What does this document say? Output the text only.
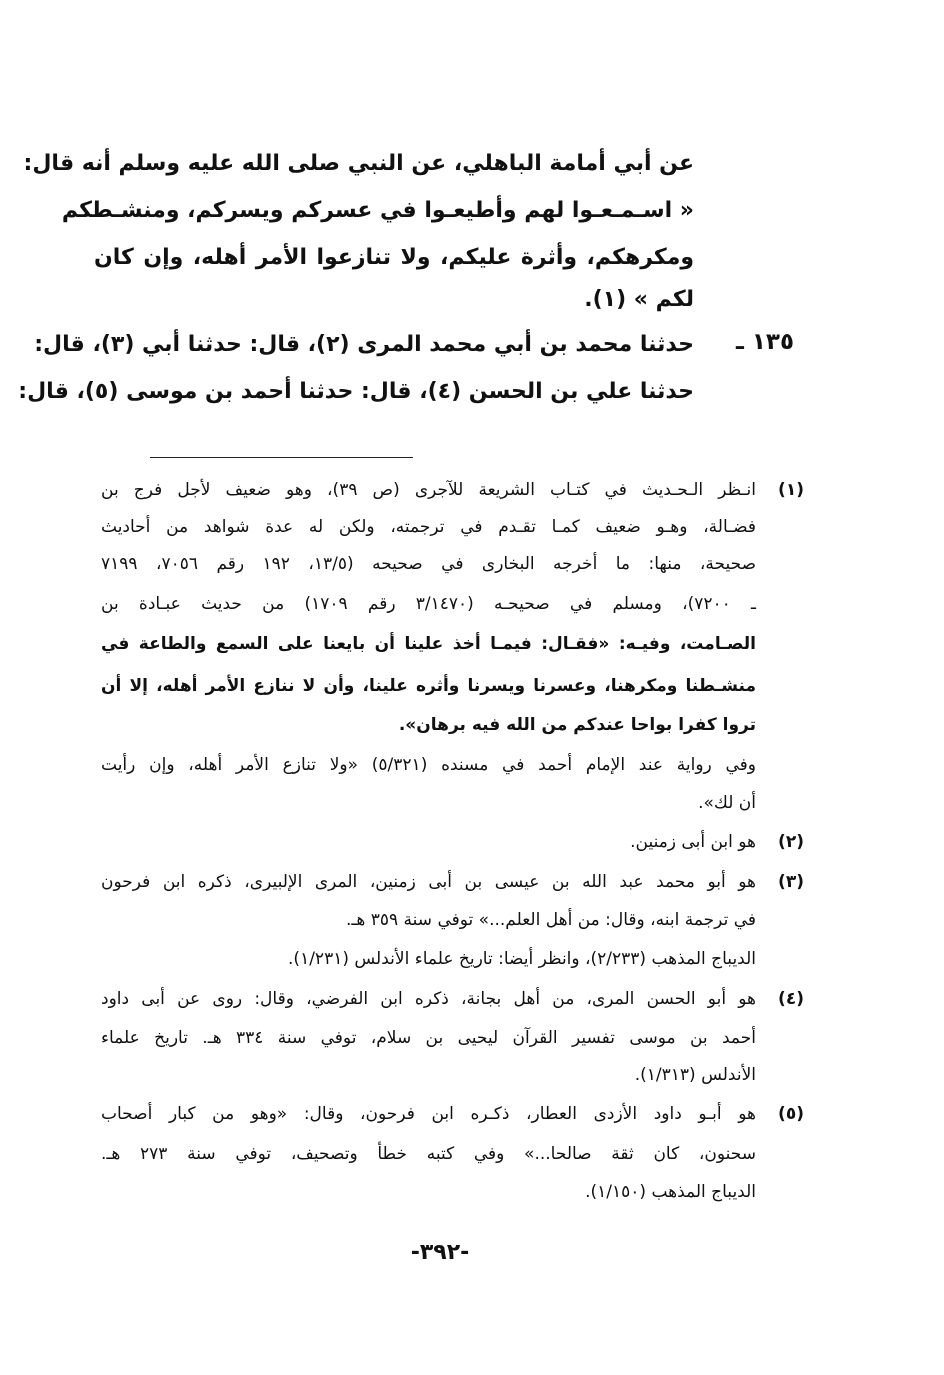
عن أبي أمامة الباهلي، عن النبي صلى الله عليه وسلم أنه قال:
« اسـمـعـوا لهم وأطيعـوا في عسركم ويسركم، ومنشـطكم
ومكرهكم، وأثرة عليكم، ولا تنازعوا الأمر أهله، وإن كان
لكم » (١).
١٣٥ ـ
حدثنا محمد بن أبي محمد المرى (٢)، قال: حدثنا أبي (٣)، قال:
حدثنا علي بن الحسن (٤)، قال: حدثنا أحمد بن موسى (٥)، قال:
(١)
انـظر الـحـديث في كتـاب الشريعة للآجرى (ص ٣٩)، وهو ضعيف لأجل فرج بن
فضـالة، وهـو ضعيف كمـا تقـدم في ترجمته، ولكن له عدة شواهد من أحاديث
صحيحة، منها: ما أخرجه البخارى في صحيحه (١٣/٥، ١٩٢ رقم ٧٠٥٦، ٧١٩٩
ـ ٧٢٠٠)، ومسلم في صحيحـه (٣/١٤٧٠ رقم ١٧٠٩) من حديث عبـادة بن
الصـامت، وفيـه: «فقـال: فيمـا أخذ علينا أن بايعنا على السمع والطاعة في
منشـطنا ومكرهنا، وعسرنا ويسرنا وأثره علينا، وأن لا ننازع الأمر أهله، إلا أن
تروا كفرا بواحا عندكم من الله فيه برهان».
وفي رواية عند الإمام أحمد في مسنده (٥/٣٢١) «ولا تنازع الأمر أهله، وإن رأيت
أن لك».
(٢)
هو ابن أبى زمنين.
(٣)
هو أبو محمد عبد الله بن عيسى بن أبى زمنين، المرى الإلبيرى، ذكره ابن فرحون
في ترجمة ابنه، وقال: من أهل العلم...» توفي سنة ٣٥٩ هـ.
الديباج المذهب (٢/٢٣٣)، وانظر أيضا: تاريخ علماء الأندلس (١/٢٣١).
(٤)
هو أبو الحسن المرى، من أهل بجانة، ذكره ابن الفرضي، وقال: روى عن أبى داود
أحمد بن موسى تفسير القرآن ليحيى بن سلام، توفي سنة ٣٣٤ هـ. تاريخ علماء
الأندلس (١/٣١٣).
(٥)
هو أبـو داود الأزدى العطار، ذكـره ابن فرحون، وقال: «وهو من كبار أصحاب
سحنون، كان ثقة صالحا...» وفي كتبه خطأ وتصحيف، توفي سنة ٢٧٣ هـ.
الديباج المذهب (١/١٥٠).
-٣٩٢-
